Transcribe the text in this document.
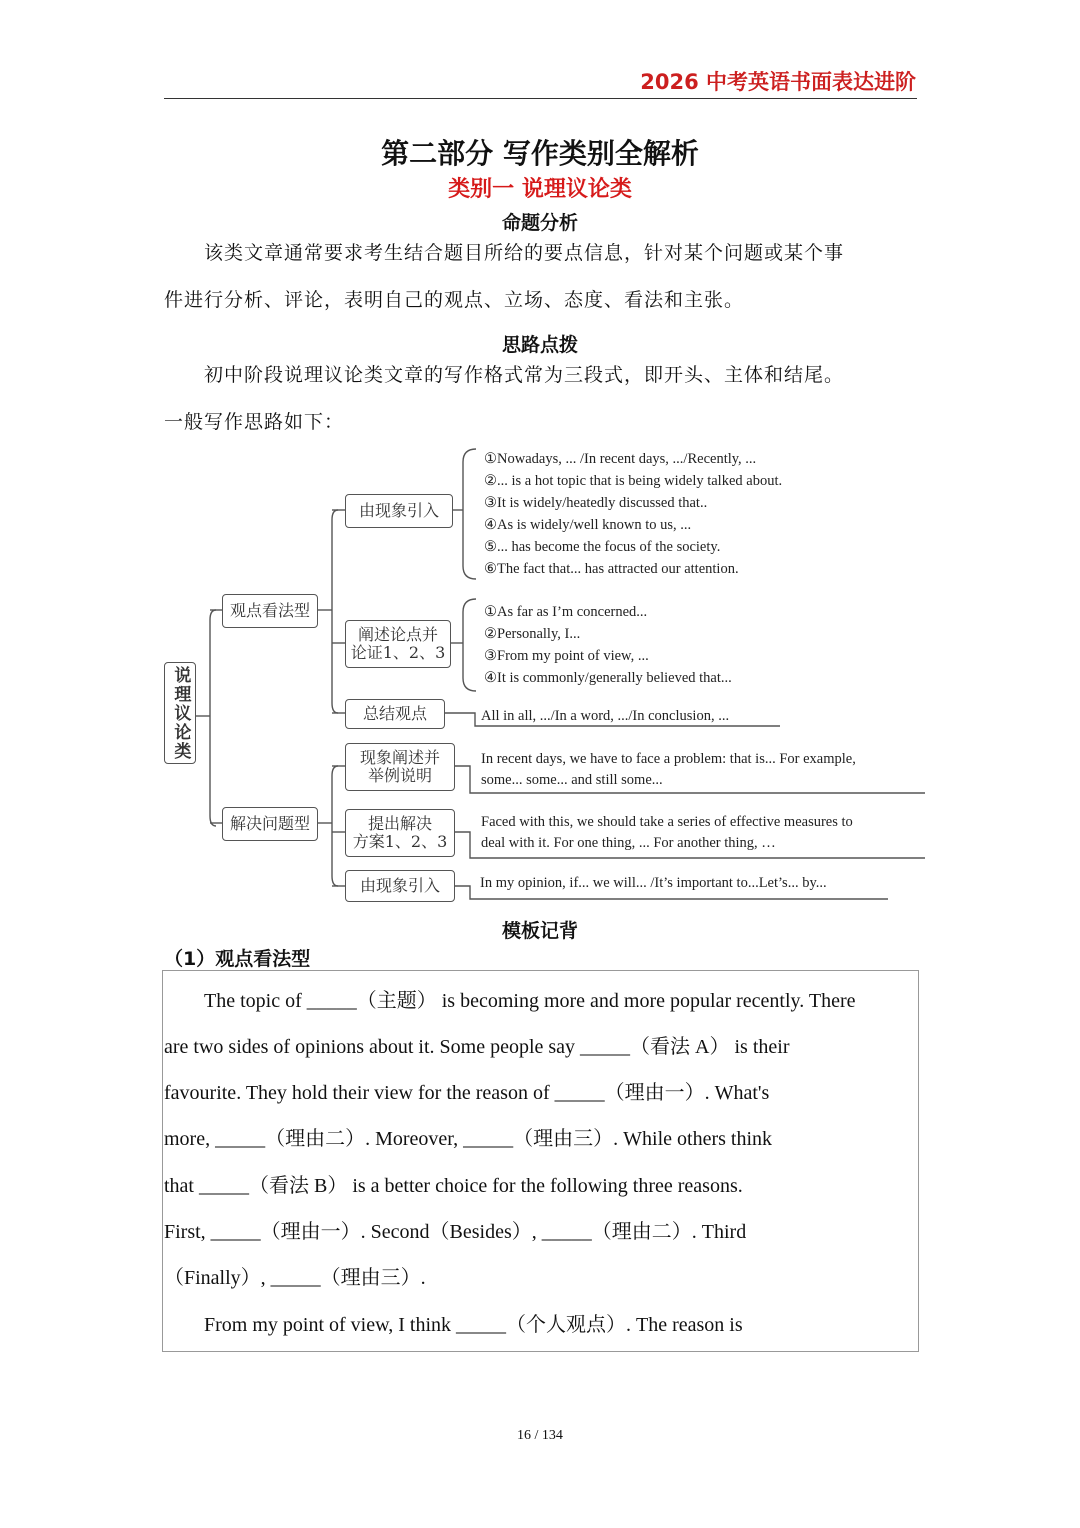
2026 中考英语书面表达进阶
第二部分 写作类别全解析
类别一 说理议论类
命题分析
该类文章通常要求考生结合题目所给的要点信息，针对某个问题或某个事
件进行分析、评论，表明自己的观点、立场、态度、看法和主张。
思路点拨
初中阶段说理议论类文章的写作格式常为三段式，即开头、主体和结尾。
一般写作思路如下：
说理议论类
观点看法型
解决问题型
由现象引入
阐述论点并
论证1、2、3
总结观点
现象阐述并
举例说明
提出解决
方案1、2、3
由现象引入
①Nowadays, ... /In recent days, .../Recently, ...
②... is a hot topic that is being widely talked about.
③It is widely/heatedly discussed that..
④As is widely/well known to us, ...
⑤... has become the focus of the society.
⑥The fact that... has attracted our attention.
①As far as I’m concerned...
②Personally, I...
③From my point of view, ...
④It is commonly/generally believed that...
All in all, .../In a word, .../In conclusion, ...
In recent days, we have to face a problem: that is... For example,
some... some... and still some...
Faced with this, we should take a series of effective measures to
deal with it. For one thing, ... For another thing, …
In my opinion, if... we will... /It’s important to...Let’s... by...
模板记背
（1）观点看法型
The topic of _____（主题） is becoming more and more popular recently. There
are two sides of opinions about it. Some people say _____（看法 A） is their
favourite. They hold their view for the reason of _____（理由一）. What's
more, _____（理由二）. Moreover, _____（理由三）. While others think
that _____（看法 B） is a better choice for the following three reasons.
First, _____（理由一）. Second（Besides）, _____（理由二）. Third
（Finally）, _____（理由三）.
From my point of view, I think _____（个人观点）. The reason is
16 / 134
